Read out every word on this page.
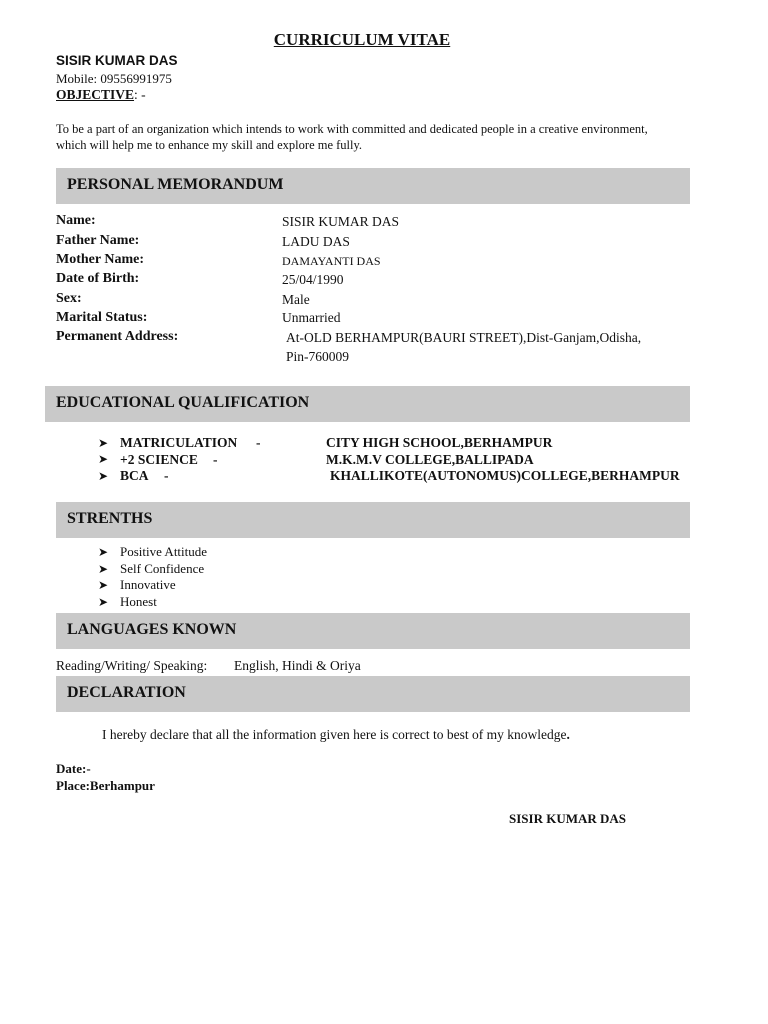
CURRICULUM VITAE
SISIR KUMAR DAS
Mobile: 09556991975
OBJECTIVE: -
To be a part of an organization which intends to work with committed and dedicated people in a creative environment,
which will help me to enhance my skill and explore me fully.
PERSONAL MEMORANDUM
Name:	SISIR KUMAR DAS
Father Name:	LADU DAS
Mother Name:	DAMAYANTI DAS
Date of Birth:	25/04/1990
Sex:	Male
Marital Status:	Unmarried
Permanent Address:	At-OLD BERHAMPUR(BAURI STREET),Dist-Ganjam,Odisha,
Pin-760009
EDUCATIONAL QUALIFICATION
➤ MATRICULATION -	CITY HIGH SCHOOL,BERHAMPUR
➤ +2 SCIENCE -	M.K.M.V COLLEGE,BALLIPADA
➤ BCA -	KHALLIKOTE(AUTONOMUS)COLLEGE,BERHAMPUR
STRENTHS
➤ Positive Attitude
➤ Self Confidence
➤ Innovative
➤ Honest
LANGUAGES KNOWN
Reading/Writing/ Speaking: English, Hindi & Oriya
DECLARATION
I hereby declare that all the information given here is correct to best of my knowledge.
Date:-
Place:Berhampur
SISIR KUMAR DAS
